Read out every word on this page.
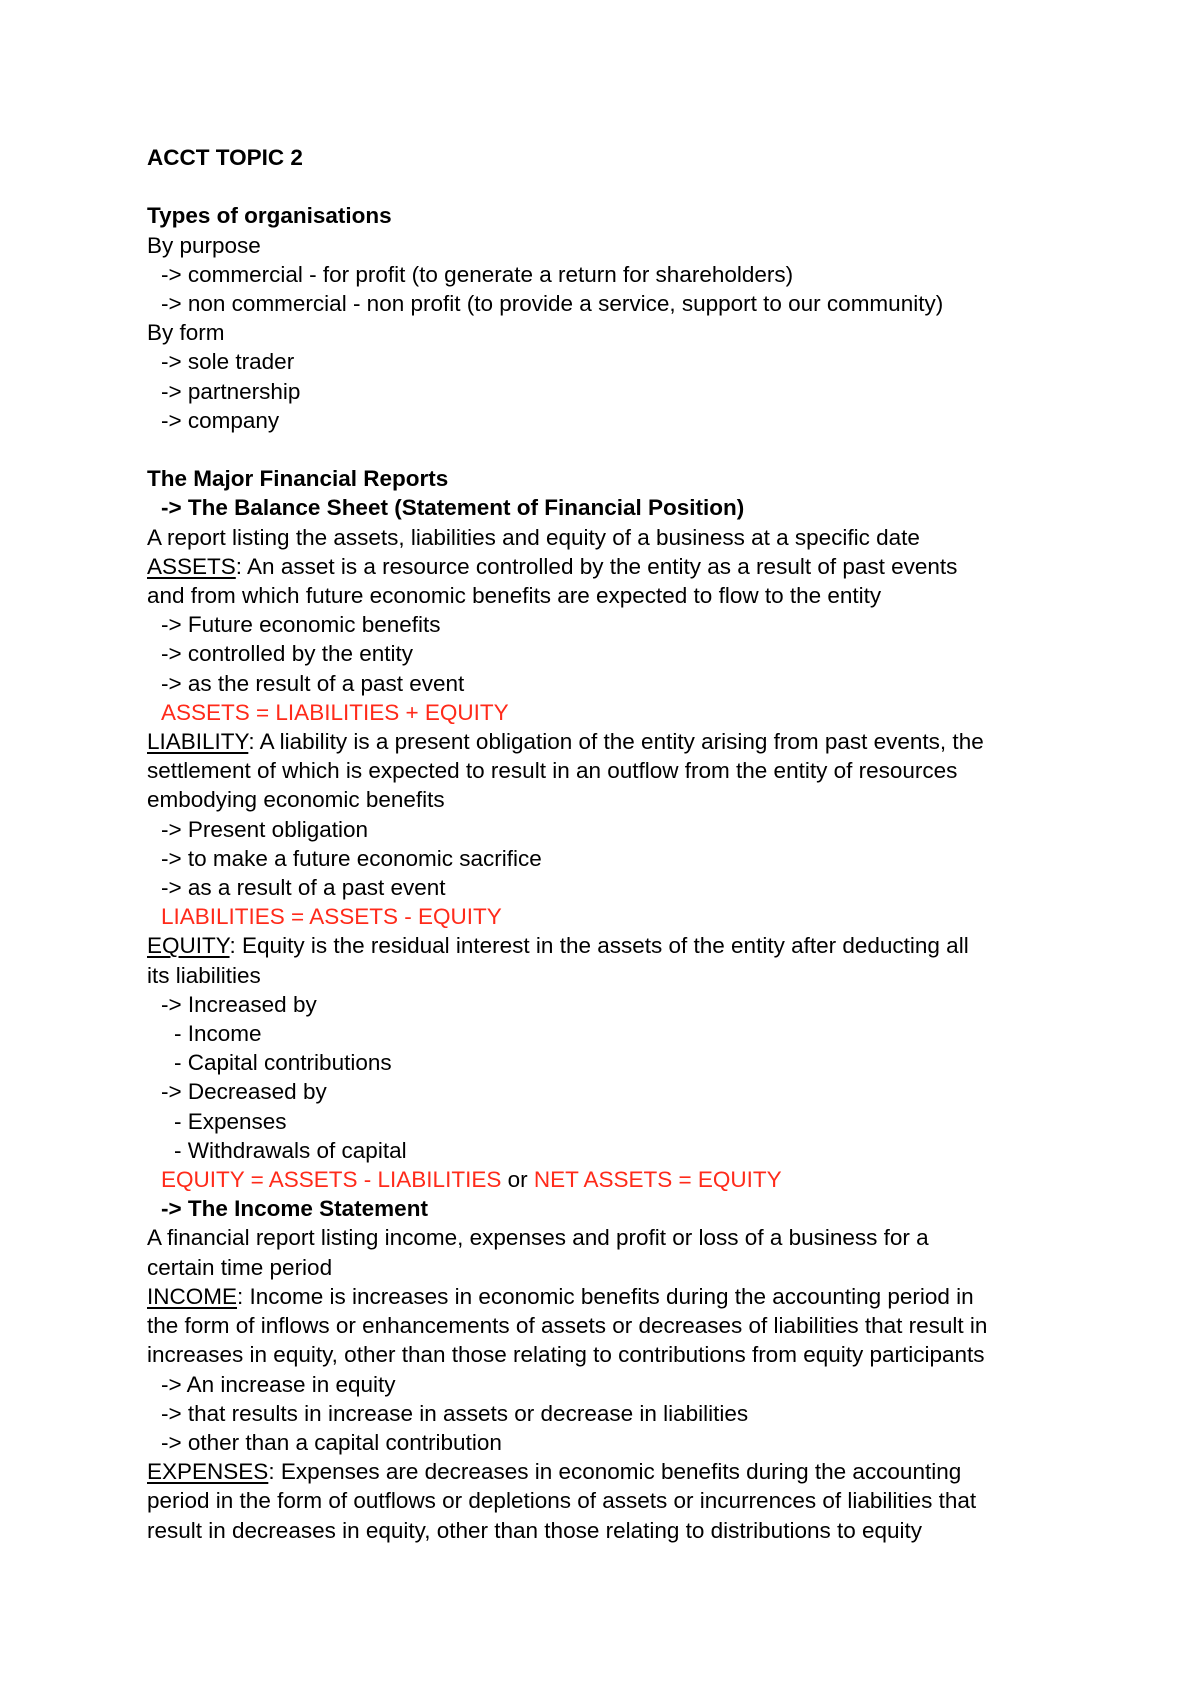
ACCT TOPIC 2
Types of organisations
By purpose
-> commercial - for profit (to generate a return for shareholders)
-> non commercial - non profit (to provide a service, support to our community)
By form
-> sole trader
-> partnership
-> company
The Major Financial Reports
-> The Balance Sheet (Statement of Financial Position)
A report listing the assets, liabilities and equity of a business at a specific date
ASSETS: An asset is a resource controlled by the entity as a result of past events
and from which future economic benefits are expected to flow to the entity
-> Future economic benefits
-> controlled by the entity
-> as the result of a past event
ASSETS = LIABILITIES + EQUITY
LIABILITY: A liability is a present obligation of the entity arising from past events, the
settlement of which is expected to result in an outflow from the entity of resources
embodying economic benefits
-> Present obligation
-> to make a future economic sacrifice
-> as a result of a past event
LIABILITIES = ASSETS - EQUITY
EQUITY: Equity is the residual interest in the assets of the entity after deducting all
its liabilities
-> Increased by
- Income
- Capital contributions
-> Decreased by
- Expenses
- Withdrawals of capital
EQUITY = ASSETS - LIABILITIES or NET ASSETS = EQUITY
-> The Income Statement
A financial report listing income, expenses and profit or loss of a business for a
certain time period
INCOME: Income is increases in economic benefits during the accounting period in
the form of inflows or enhancements of assets or decreases of liabilities that result in
increases in equity, other than those relating to contributions from equity participants
-> An increase in equity
-> that results in increase in assets or decrease in liabilities
-> other than a capital contribution
EXPENSES: Expenses are decreases in economic benefits during the accounting
period in the form of outflows or depletions of assets or incurrences of liabilities that
result in decreases in equity, other than those relating to distributions to equity
